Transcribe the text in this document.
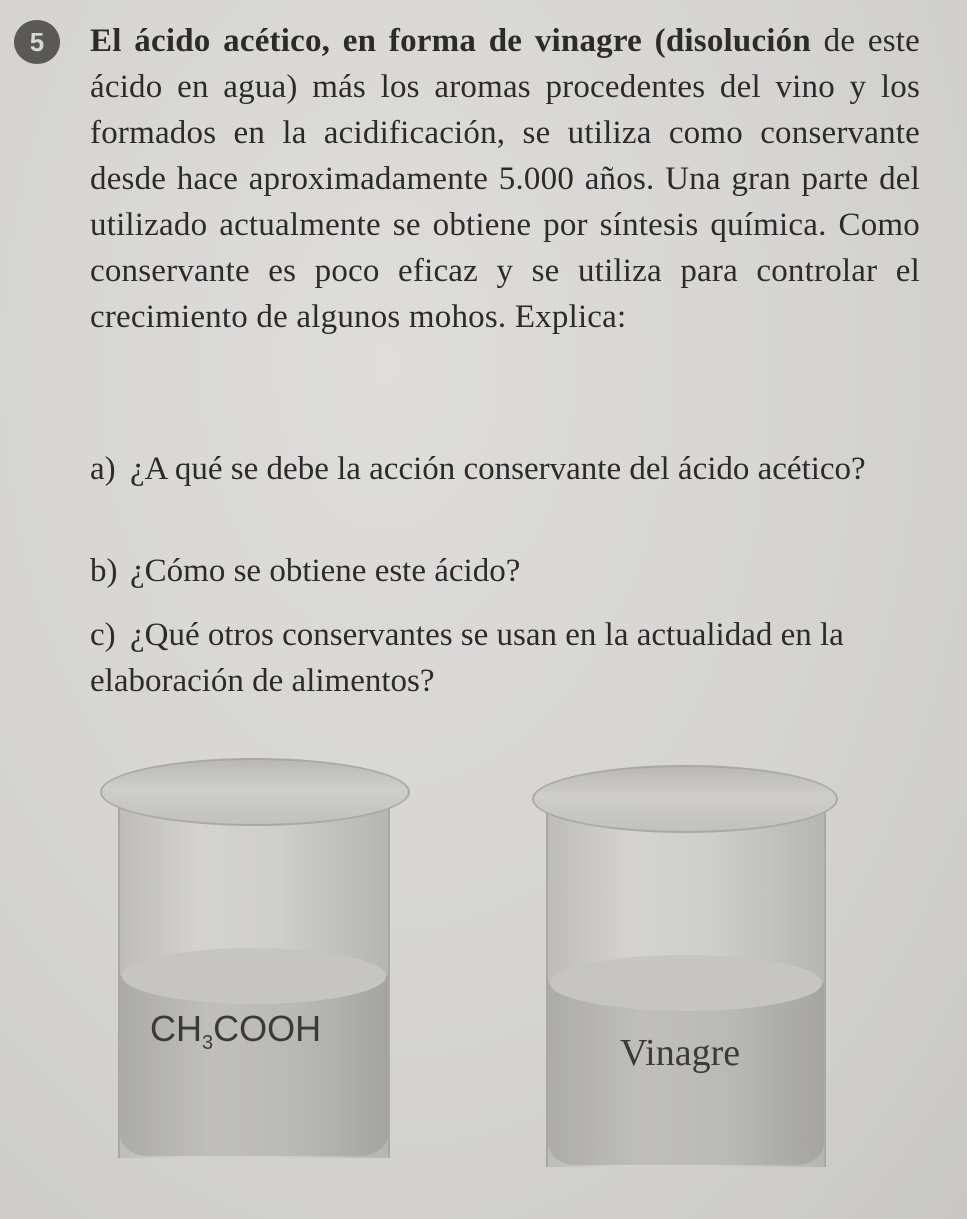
5	El ácido acético, en forma de vinagre (disolución de este ácido en agua) más los aromas procedentes del vino y los formados en la acidificación, se utiliza como conservante desde hace aproximadamente 5.000 años. Una gran parte del utilizado actualmente se obtiene por síntesis química. Como conservante es poco eficaz y se utiliza para controlar el crecimiento de algunos mohos. Explica:
a) ¿A qué se debe la acción conservante del ácido acético?
b) ¿Cómo se obtiene este ácido?
c) ¿Qué otros conservantes se usan en la actualidad en la elaboración de alimentos?
$CH_3COOH$
Vinagre
